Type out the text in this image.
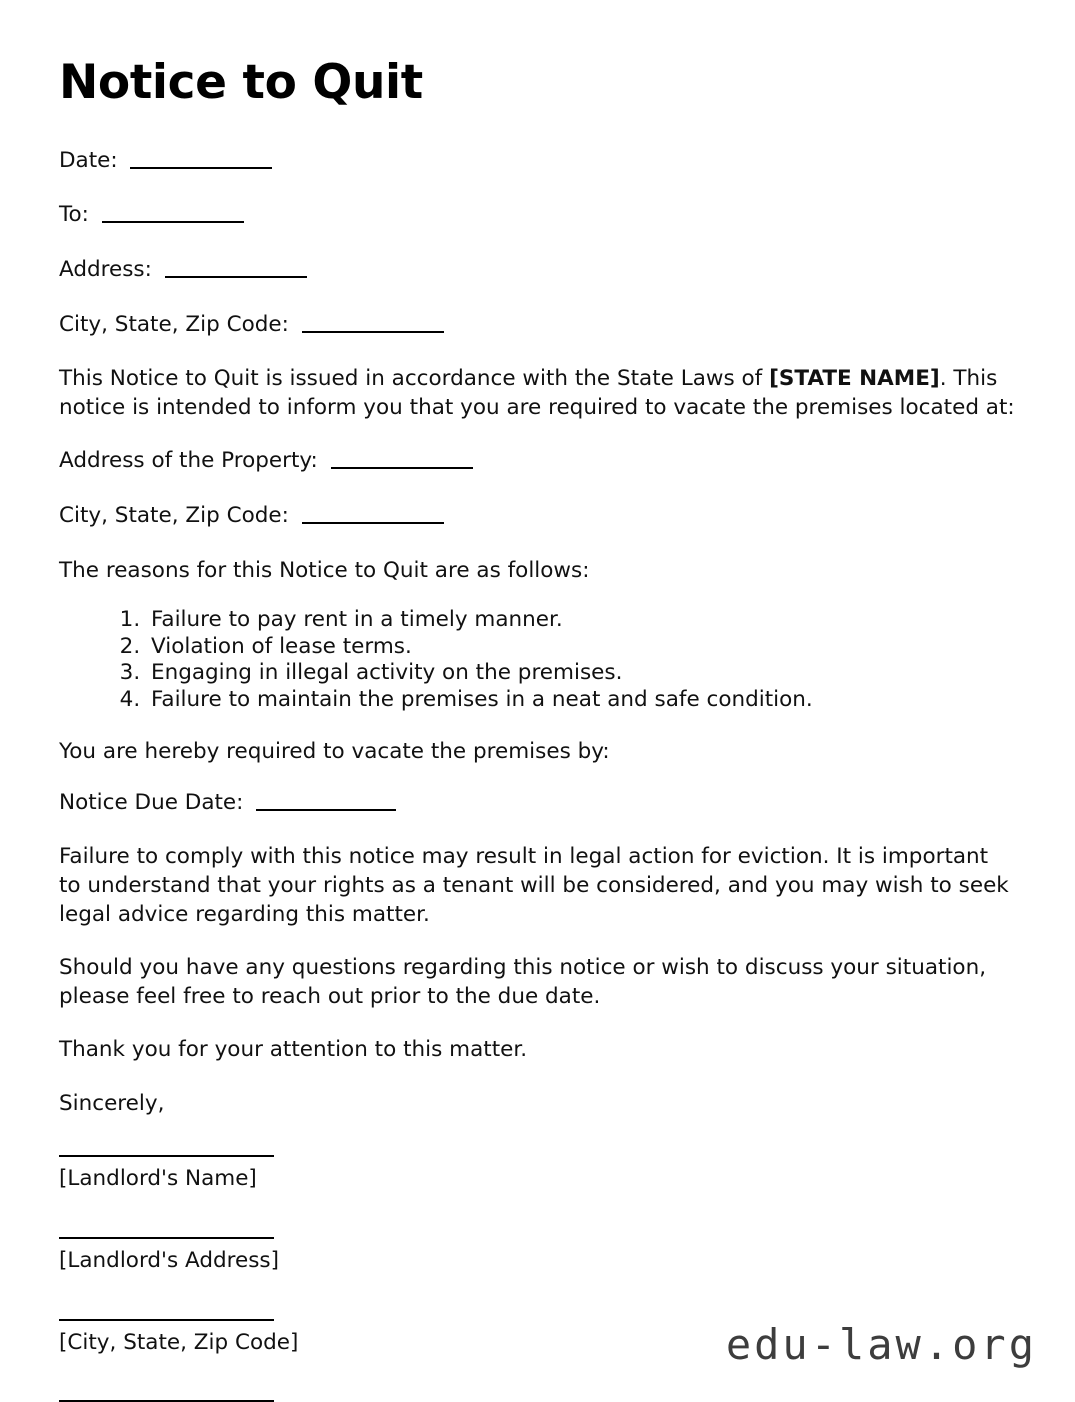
Notice to Quit
Date:
To:
Address:
City, State, Zip Code:

This Notice to Quit is issued in accordance with the State Laws of [STATE NAME]. This notice is intended to inform you that you are required to vacate the premises located at:

Address of the Property:
City, State, Zip Code:

The reasons for this Notice to Quit are as follows:

1. Failure to pay rent in a timely manner.
2. Violation of lease terms.
3. Engaging in illegal activity on the premises.
4. Failure to maintain the premises in a neat and safe condition.

You are hereby required to vacate the premises by:

Notice Due Date:

Failure to comply with this notice may result in legal action for eviction. It is important to understand that your rights as a tenant will be considered, and you may wish to seek legal advice regarding this matter.

Should you have any questions regarding this notice or wish to discuss your situation, please feel free to reach out prior to the due date.

Thank you for your attention to this matter.

Sincerely,

[Landlord's Name]

[Landlord's Address]

[City, State, Zip Code]	edu-law.org
